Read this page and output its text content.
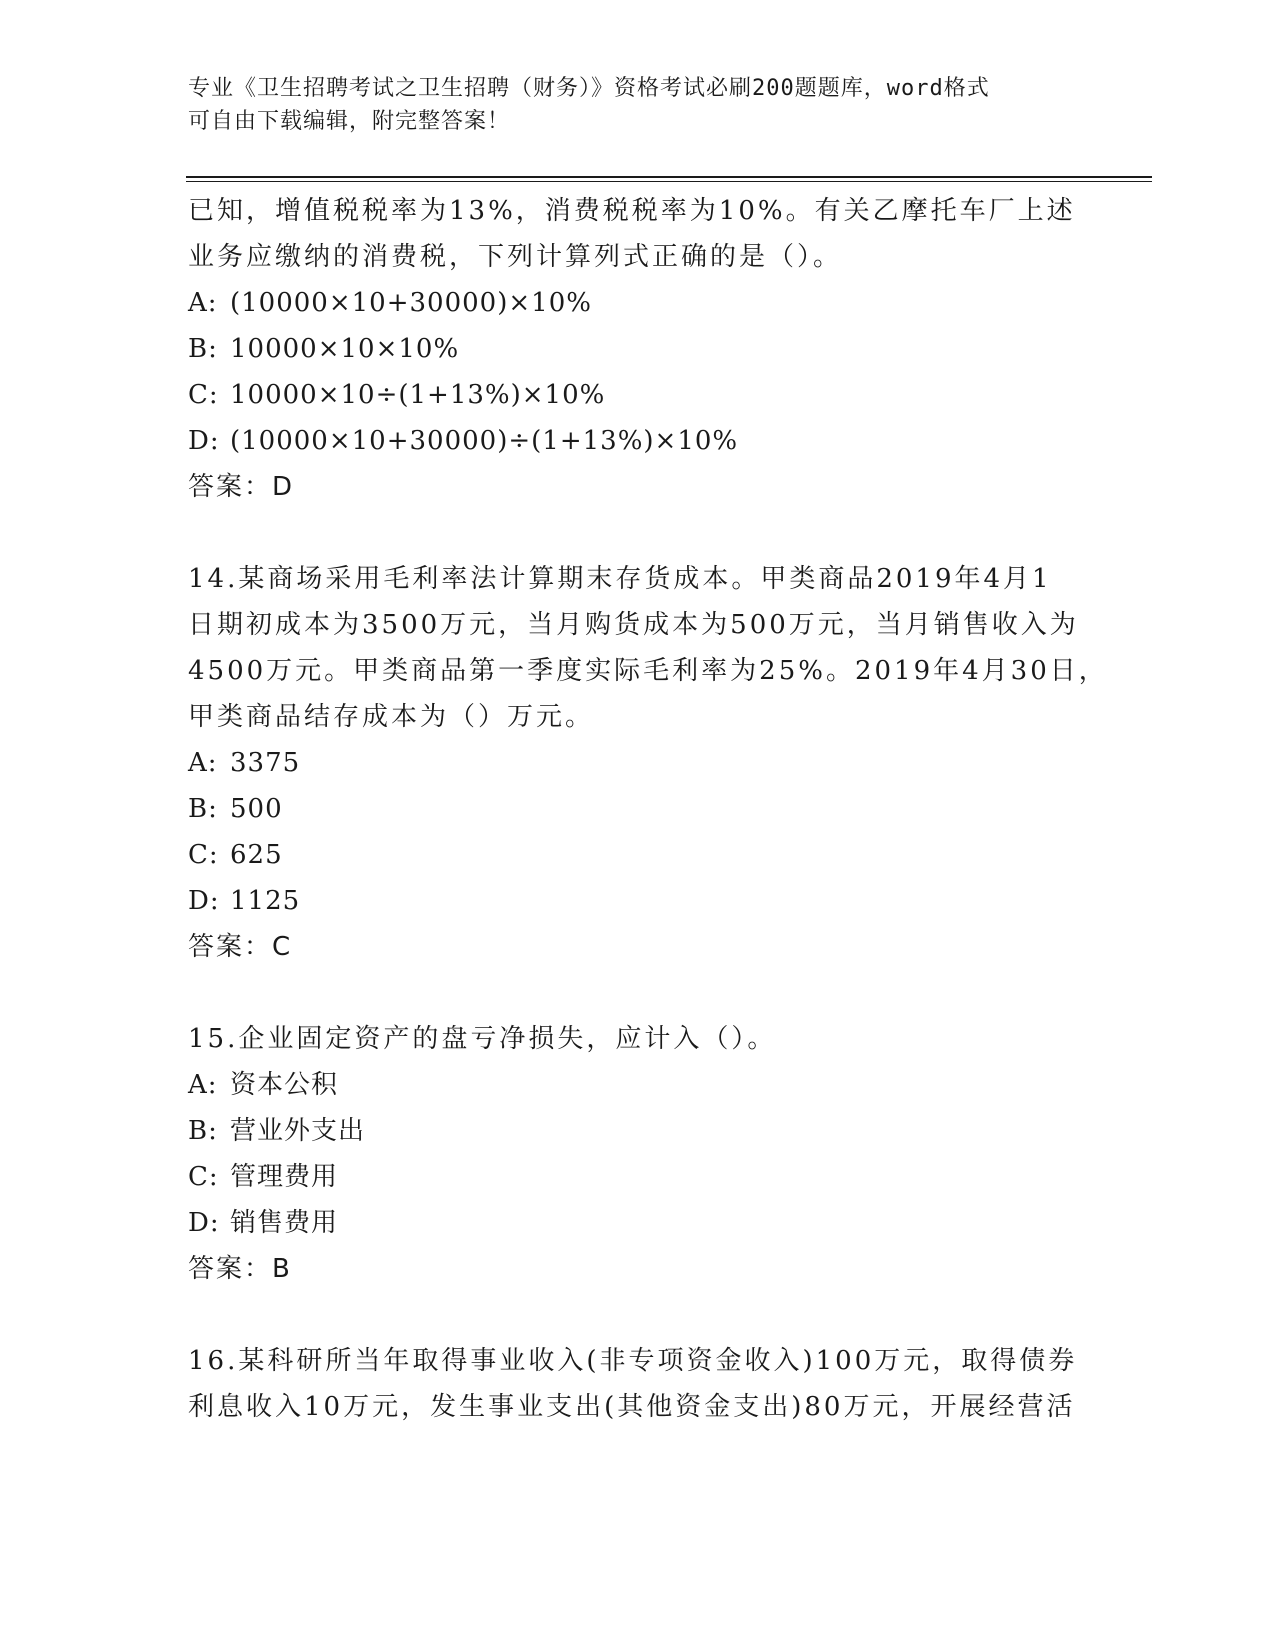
专业《卫生招聘考试之卫生招聘（财务）》资格考试必刷200题题库，word格式
可自由下载编辑，附完整答案！
已知，增值税税率为13%，消费税税率为10%。有关乙摩托车厂上述
业务应缴纳的消费税，下列计算列式正确的是（）。
A: (10000×10+30000)×10%
B: 10000×10×10%
C: 10000×10÷(1+13%)×10%
D: (10000×10+30000)÷(1+13%)×10%
答案：D
14.某商场采用毛利率法计算期末存货成本。甲类商品2019年4月1
日期初成本为3500万元，当月购货成本为500万元，当月销售收入为
4500万元。甲类商品第一季度实际毛利率为25%。2019年4月30日，
甲类商品结存成本为（）万元。
A: 3375
B: 500
C: 625
D: 1125
答案：C
15.企业固定资产的盘亏净损失，应计入（）。
A: 资本公积
B: 营业外支出
C: 管理费用
D: 销售费用
答案：B
16.某科研所当年取得事业收入(非专项资金收入)100万元，取得债券
利息收入10万元，发生事业支出(其他资金支出)80万元，开展经营活
